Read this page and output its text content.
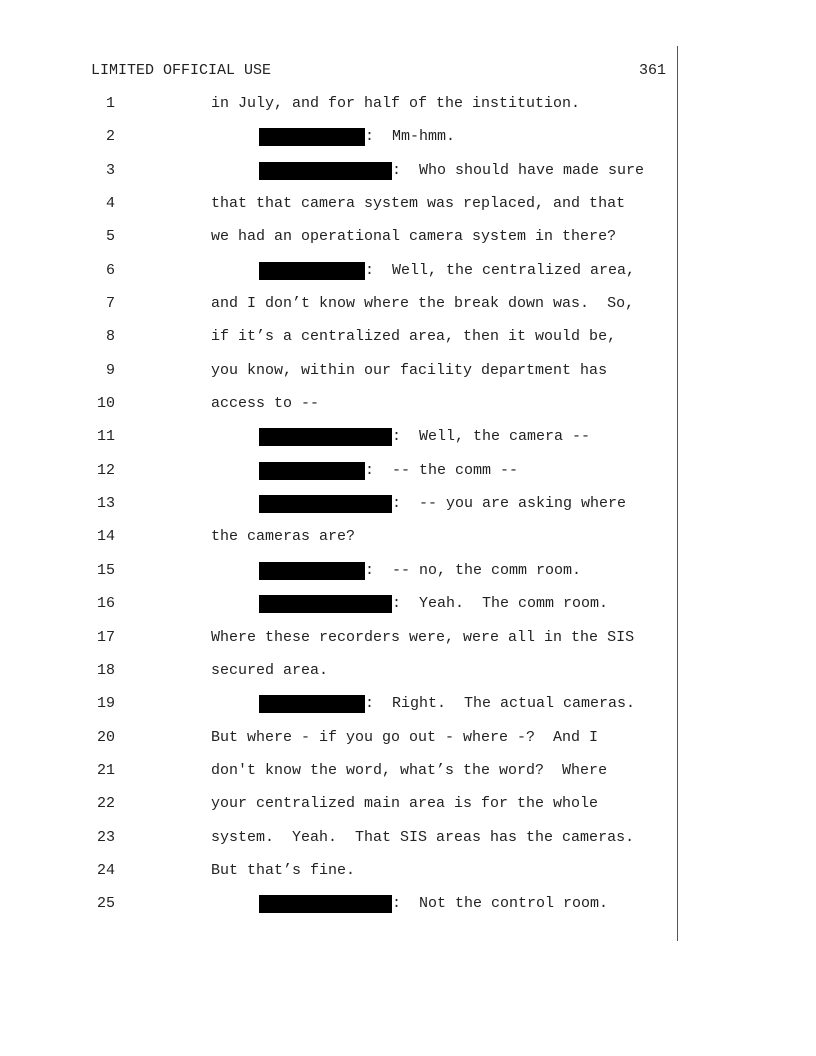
LIMITED OFFICIAL USE	361
1	in July, and for half of the institution.
2	:  Mm-hmm.
3	:  Who should have made sure
4	that that camera system was replaced, and that
5	we had an operational camera system in there?
6	:  Well, the centralized area,
7	and I don’t know where the break down was.  So,
8	if it’s a centralized area, then it would be,
9	you know, within our facility department has
10	access to --
11	:  Well, the camera --
12	:  -- the comm --
13	:  -- you are asking where
14	the cameras are?
15	:  -- no, the comm room.
16	:  Yeah.  The comm room.
17	Where these recorders were, were all in the SIS
18	secured area.
19	:  Right.  The actual cameras.
20	But where - if you go out - where -?  And I
21	don't know the word, what’s the word?  Where
22	your centralized main area is for the whole
23	system.  Yeah.  That SIS areas has the cameras.
24	But that’s fine.
25	:  Not the control room.
